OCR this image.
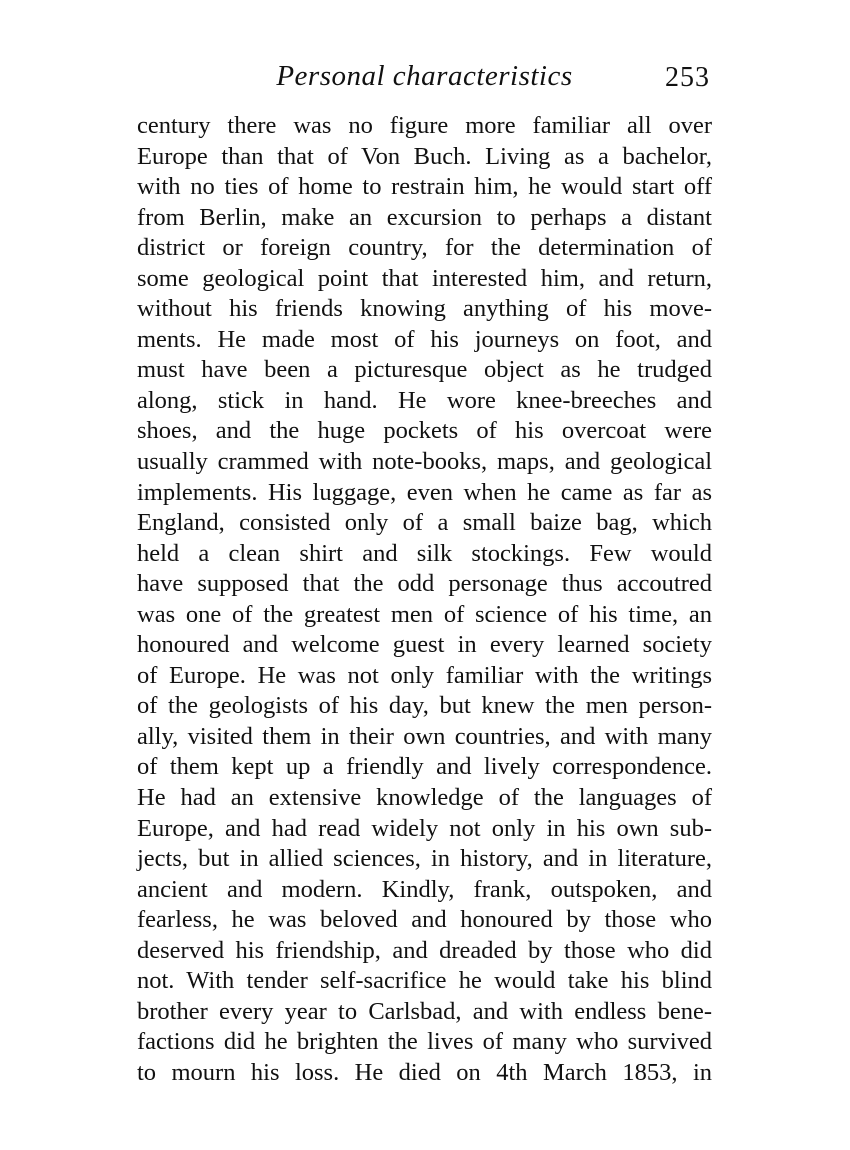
Personal characteristics	253
century there was no figure more familiar all over
Europe than that of Von Buch. Living as a bachelor,
with no ties of home to restrain him, he would start off
from Berlin, make an excursion to perhaps a distant
district or foreign country, for the determination of
some geological point that interested him, and return,
without his friends knowing anything of his move-
ments. He made most of his journeys on foot, and
must have been a picturesque object as he trudged
along, stick in hand. He wore knee-breeches and
shoes, and the huge pockets of his overcoat were
usually crammed with note-books, maps, and geological
implements. His luggage, even when he came as far as
England, consisted only of a small baize bag, which
held a clean shirt and silk stockings. Few would
have supposed that the odd personage thus accoutred
was one of the greatest men of science of his time, an
honoured and welcome guest in every learned society
of Europe. He was not only familiar with the writings
of the geologists of his day, but knew the men person-
ally, visited them in their own countries, and with many
of them kept up a friendly and lively correspondence.
He had an extensive knowledge of the languages of
Europe, and had read widely not only in his own sub-
jects, but in allied sciences, in history, and in literature,
ancient and modern. Kindly, frank, outspoken, and
fearless, he was beloved and honoured by those who
deserved his friendship, and dreaded by those who did
not. With tender self-sacrifice he would take his blind
brother every year to Carlsbad, and with endless bene-
factions did he brighten the lives of many who survived
to mourn his loss. He died on 4th March 1853, in
